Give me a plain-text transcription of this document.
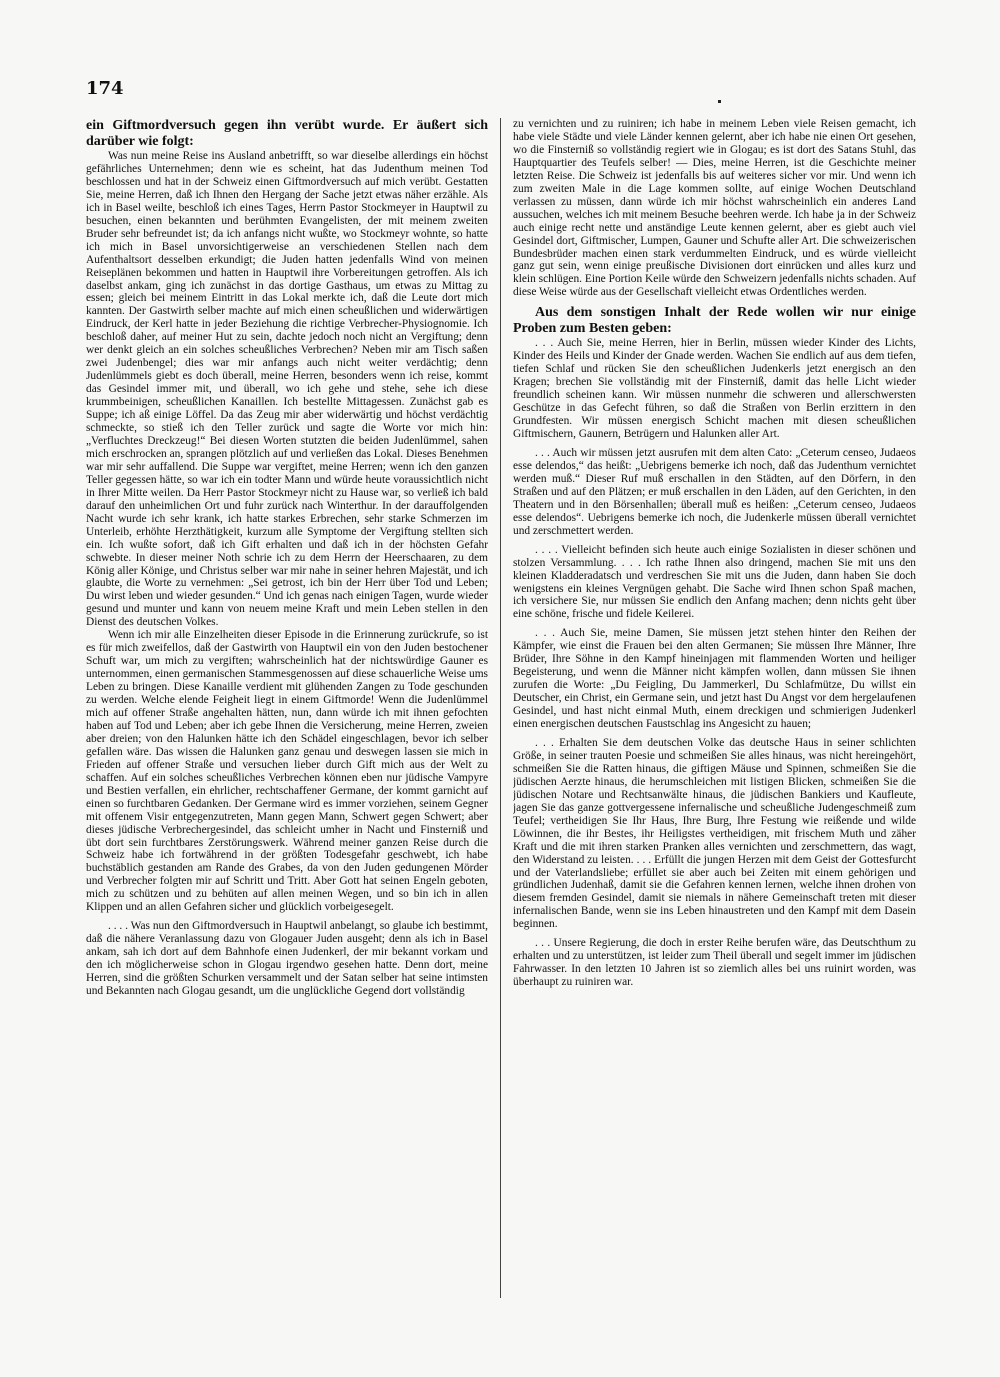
174

ein Giftmordversuch gegen ihn verübt wurde. Er äußert sich darüber wie folgt:

Was nun meine Reise ins Ausland anbetrifft, so war dieselbe allerdings ein höchst gefährliches Unternehmen; denn wie es scheint, hat das Judenthum meinen Tod beschlossen und hat in der Schweiz einen Giftmordversuch auf mich verübt. Gestatten Sie, meine Herren, daß ich Ihnen den Hergang der Sache jetzt etwas näher erzähle. Als ich in Basel weilte, beschloß ich eines Tages, Herrn Pastor Stockmeyer in Hauptwil zu besuchen, einen bekannten und berühmten Evangelisten, der mit meinem zweiten Bruder sehr befreundet ist; da ich anfangs nicht wußte, wo Stockmeyr wohnte, so hatte ich mich in Basel unvorsichtigerweise an verschiedenen Stellen nach dem Aufenthaltsort desselben erkundigt; die Juden hatten jedenfalls Wind von meinen Reiseplänen bekommen und hatten in Hauptwil ihre Vorbereitungen getroffen. Als ich daselbst ankam, ging ich zunächst in das dortige Gasthaus, um etwas zu Mittag zu essen; gleich bei meinem Eintritt in das Lokal merkte ich, daß die Leute dort mich kannten. Der Gastwirth selber machte auf mich einen scheußlichen und widerwärtigen Eindruck, der Kerl hatte in jeder Beziehung die richtige Verbrecher-Physiognomie. Ich beschloß daher, auf meiner Hut zu sein, dachte jedoch noch nicht an Vergiftung; denn wer denkt gleich an ein solches scheußliches Verbrechen? Neben mir am Tisch saßen zwei Judenbengel; dies war mir anfangs auch nicht weiter verdächtig; denn Judenlümmels giebt es doch überall, meine Herren, besonders wenn ich reise, kommt das Gesindel immer mit, und überall, wo ich gehe und stehe, sehe ich diese krummbeinigen, scheußlichen Kanaillen. Ich bestellte Mittagessen. Zunächst gab es Suppe; ich aß einige Löffel. Da das Zeug mir aber widerwärtig und höchst verdächtig schmeckte, so stieß ich den Teller zurück und sagte die Worte vor mich hin: „Verfluchtes Dreckzeug!“ Bei diesen Worten stutzten die beiden Judenlümmel, sahen mich erschrocken an, sprangen plötzlich auf und verließen das Lokal. Dieses Benehmen war mir sehr auffallend. Die Suppe war vergiftet, meine Herren; wenn ich den ganzen Teller gegessen hätte, so war ich ein todter Mann und würde heute voraussichtlich nicht in Ihrer Mitte weilen. Da Herr Pastor Stockmeyr nicht zu Hause war, so verließ ich bald darauf den unheimlichen Ort und fuhr zurück nach Winterthur. In der darauffolgenden Nacht wurde ich sehr krank, ich hatte starkes Erbrechen, sehr starke Schmerzen im Unterleib, erhöhte Herzthätigkeit, kurzum alle Symptome der Vergiftung stellten sich ein. Ich wußte sofort, daß ich Gift erhalten und daß ich in der höchsten Gefahr schwebte. In dieser meiner Noth schrie ich zu dem Herrn der Heerschaaren, zu dem König aller Könige, und Christus selber war mir nahe in seiner hehren Majestät, und ich glaubte, die Worte zu vernehmen: „Sei getrost, ich bin der Herr über Tod und Leben; Du wirst leben und wieder gesunden.“ Und ich genas nach einigen Tagen, wurde wieder gesund und munter und kann von neuem meine Kraft und mein Leben stellen in den Dienst des deutschen Volkes.

Wenn ich mir alle Einzelheiten dieser Episode in die Erinnerung zurückrufe, so ist es für mich zweifellos, daß der Gastwirth von Hauptwil ein von den Juden bestochener Schuft war, um mich zu vergiften; wahrscheinlich hat der nichtswürdige Gauner es unternommen, einen germanischen Stammesgenossen auf diese schauerliche Weise ums Leben zu bringen. Diese Kanaille verdient mit glühenden Zangen zu Tode geschunden zu werden. Welche elende Feigheit liegt in einem Giftmorde! Wenn die Judenlümmel mich auf offener Straße angehalten hätten, nun, dann würde ich mit ihnen gefochten haben auf Tod und Leben; aber ich gebe Ihnen die Versicherung, meine Herren, zweien aber dreien; von den Halunken hätte ich den Schädel eingeschlagen, bevor ich selber gefallen wäre. Das wissen die Halunken ganz genau und deswegen lassen sie mich in Frieden auf offener Straße und versuchen lieber durch Gift mich aus der Welt zu schaffen. Auf ein solches scheußliches Verbrechen können eben nur jüdische Vampyre und Bestien verfallen, ein ehrlicher, rechtschaffener Germane, der kommt garnicht auf einen so furchtbaren Gedanken. Der Germane wird es immer vorziehen, seinem Gegner mit offenem Visir entgegenzutreten, Mann gegen Mann, Schwert gegen Schwert; aber dieses jüdische Verbrechergesindel, das schleicht umher in Nacht und Finsterniß und übt dort sein furchtbares Zerstörungswerk. Während meiner ganzen Reise durch die Schweiz habe ich fortwährend in der größten Todesgefahr geschwebt, ich habe buchstäblich gestanden am Rande des Grabes, da von den Juden gedungenen Mörder und Verbrecher folgten mir auf Schritt und Tritt. Aber Gott hat seinen Engeln geboten, mich zu schützen und zu behüten auf allen meinen Wegen, und so bin ich in allen Klippen und an allen Gefahren sicher und glücklich vorbeigesegelt.

. . . . Was nun den Giftmordversuch in Hauptwil anbelangt, so glaube ich bestimmt, daß die nähere Veranlassung dazu von Glogauer Juden ausgeht; denn als ich in Basel ankam, sah ich dort auf dem Bahnhofe einen Judenkerl, der mir bekannt vorkam und den ich möglicherweise schon in Glogau irgendwo gesehen hatte. Denn dort, meine Herren, sind die größten Schurken versammelt und der Satan selber hat seine intimsten und Bekannten nach Glogau gesandt, um die unglückliche Gegend dort vollständig

zu vernichten und zu ruiniren; ich habe in meinem Leben viele Reisen gemacht, ich habe viele Städte und viele Länder kennen gelernt, aber ich habe nie einen Ort gesehen, wo die Finsterniß so vollständig regiert wie in Glogau; es ist dort des Satans Stuhl, das Hauptquartier des Teufels selber! — Dies, meine Herren, ist die Geschichte meiner letzten Reise. Die Schweiz ist jedenfalls bis auf weiteres sicher vor mir. Und wenn ich zum zweiten Male in die Lage kommen sollte, auf einige Wochen Deutschland verlassen zu müssen, dann würde ich mir höchst wahrscheinlich ein anderes Land aussuchen, welches ich mit meinem Besuche beehren werde. Ich habe ja in der Schweiz auch einige recht nette und anständige Leute kennen gelernt, aber es giebt auch viel Gesindel dort, Giftmischer, Lumpen, Gauner und Schufte aller Art. Die schweizerischen Bundesbrüder machen einen stark verdummelten Eindruck, und es würde vielleicht ganz gut sein, wenn einige preußische Divisionen dort einrücken und alles kurz und klein schlügen. Eine Portion Keile würde den Schweizern jedenfalls nichts schaden. Auf diese Weise würde aus der Gesellschaft vielleicht etwas Ordentliches werden.

Aus dem sonstigen Inhalt der Rede wollen wir nur einige Proben zum Besten geben:

. . . Auch Sie, meine Herren, hier in Berlin, müssen wieder Kinder des Lichts, Kinder des Heils und Kinder der Gnade werden. Wachen Sie endlich auf aus dem tiefen, tiefen Schlaf und rücken Sie den scheußlichen Judenkerls jetzt energisch an den Kragen; brechen Sie vollständig mit der Finsterniß, damit das helle Licht wieder freundlich scheinen kann. Wir müssen nunmehr die schweren und allerschwersten Geschütze in das Gefecht führen, so daß die Straßen von Berlin erzittern in den Grundfesten. Wir müssen energisch Schicht machen mit diesen scheußlichen Giftmischern, Gaunern, Betrügern und Halunken aller Art.

. . . Auch wir müssen jetzt ausrufen mit dem alten Cato: „Ceterum censeo, Judaeos esse delendos,“ das heißt: „Uebrigens bemerke ich noch, daß das Judenthum vernichtet werden muß.“ Dieser Ruf muß erschallen in den Städten, auf den Dörfern, in den Straßen und auf den Plätzen; er muß erschallen in den Läden, auf den Gerichten, in den Theatern und in den Börsenhallen; überall muß es heißen: „Ceterum censeo, Judaeos esse delendos“. Uebrigens bemerke ich noch, die Judenkerle müssen überall vernichtet und zerschmettert werden.

. . . . Vielleicht befinden sich heute auch einige Sozialisten in dieser schönen und stolzen Versammlung. . . . Ich rathe Ihnen also dringend, machen Sie mit uns den kleinen Kladderadatsch und verdreschen Sie mit uns die Juden, dann haben Sie doch wenigstens ein kleines Vergnügen gehabt. Die Sache wird Ihnen schon Spaß machen, ich versichere Sie, nur müssen Sie endlich den Anfang machen; denn nichts geht über eine schöne, frische und fidele Keilerei.

. . . Auch Sie, meine Damen, Sie müssen jetzt stehen hinter den Reihen der Kämpfer, wie einst die Frauen bei den alten Germanen; Sie müssen Ihre Männer, Ihre Brüder, Ihre Söhne in den Kampf hineinjagen mit flammenden Worten und heiliger Begeisterung, und wenn die Männer nicht kämpfen wollen, dann müssen Sie ihnen zurufen die Worte: „Du Feigling, Du Jammerkerl, Du Schlafmütze, Du willst ein Deutscher, ein Christ, ein Germane sein, und jetzt hast Du Angst vor dem hergelaufenen Gesindel, und hast nicht einmal Muth, einem dreckigen und schmierigen Judenkerl einen energischen deutschen Faustschlag ins Angesicht zu hauen;

. . . Erhalten Sie dem deutschen Volke das deutsche Haus in seiner schlichten Größe, in seiner trauten Poesie und schmeißen Sie alles hinaus, was nicht hereingehört, schmeißen Sie die Ratten hinaus, die giftigen Mäuse und Spinnen, schmeißen Sie die jüdischen Aerzte hinaus, die herumschleichen mit listigen Blicken, schmeißen Sie die jüdischen Notare und Rechtsanwälte hinaus, die jüdischen Bankiers und Kaufleute, jagen Sie das ganze gottvergessene infernalische und scheußliche Judengeschmeiß zum Teufel; vertheidigen Sie Ihr Haus, Ihre Burg, Ihre Festung wie reißende und wilde Löwinnen, die ihr Bestes, ihr Heiligstes vertheidigen, mit frischem Muth und zäher Kraft und die mit ihren starken Pranken alles vernichten und zerschmettern, das wagt, den Widerstand zu leisten. . . . Erfüllt die jungen Herzen mit dem Geist der Gottesfurcht und der Vaterlandsliebe; erfüllet sie aber auch bei Zeiten mit einem gehörigen und gründlichen Judenhaß, damit sie die Gefahren kennen lernen, welche ihnen drohen von diesem fremden Gesindel, damit sie niemals in nähere Gemeinschaft treten mit dieser infernalischen Bande, wenn sie ins Leben hinaustreten und den Kampf mit dem Dasein beginnen.

. . . Unsere Regierung, die doch in erster Reihe berufen wäre, das Deutschthum zu erhalten und zu unterstützen, ist leider zum Theil überall und segelt immer im jüdischen Fahrwasser. In den letzten 10 Jahren ist so ziemlich alles bei uns ruinirt worden, was überhaupt zu ruiniren war.
